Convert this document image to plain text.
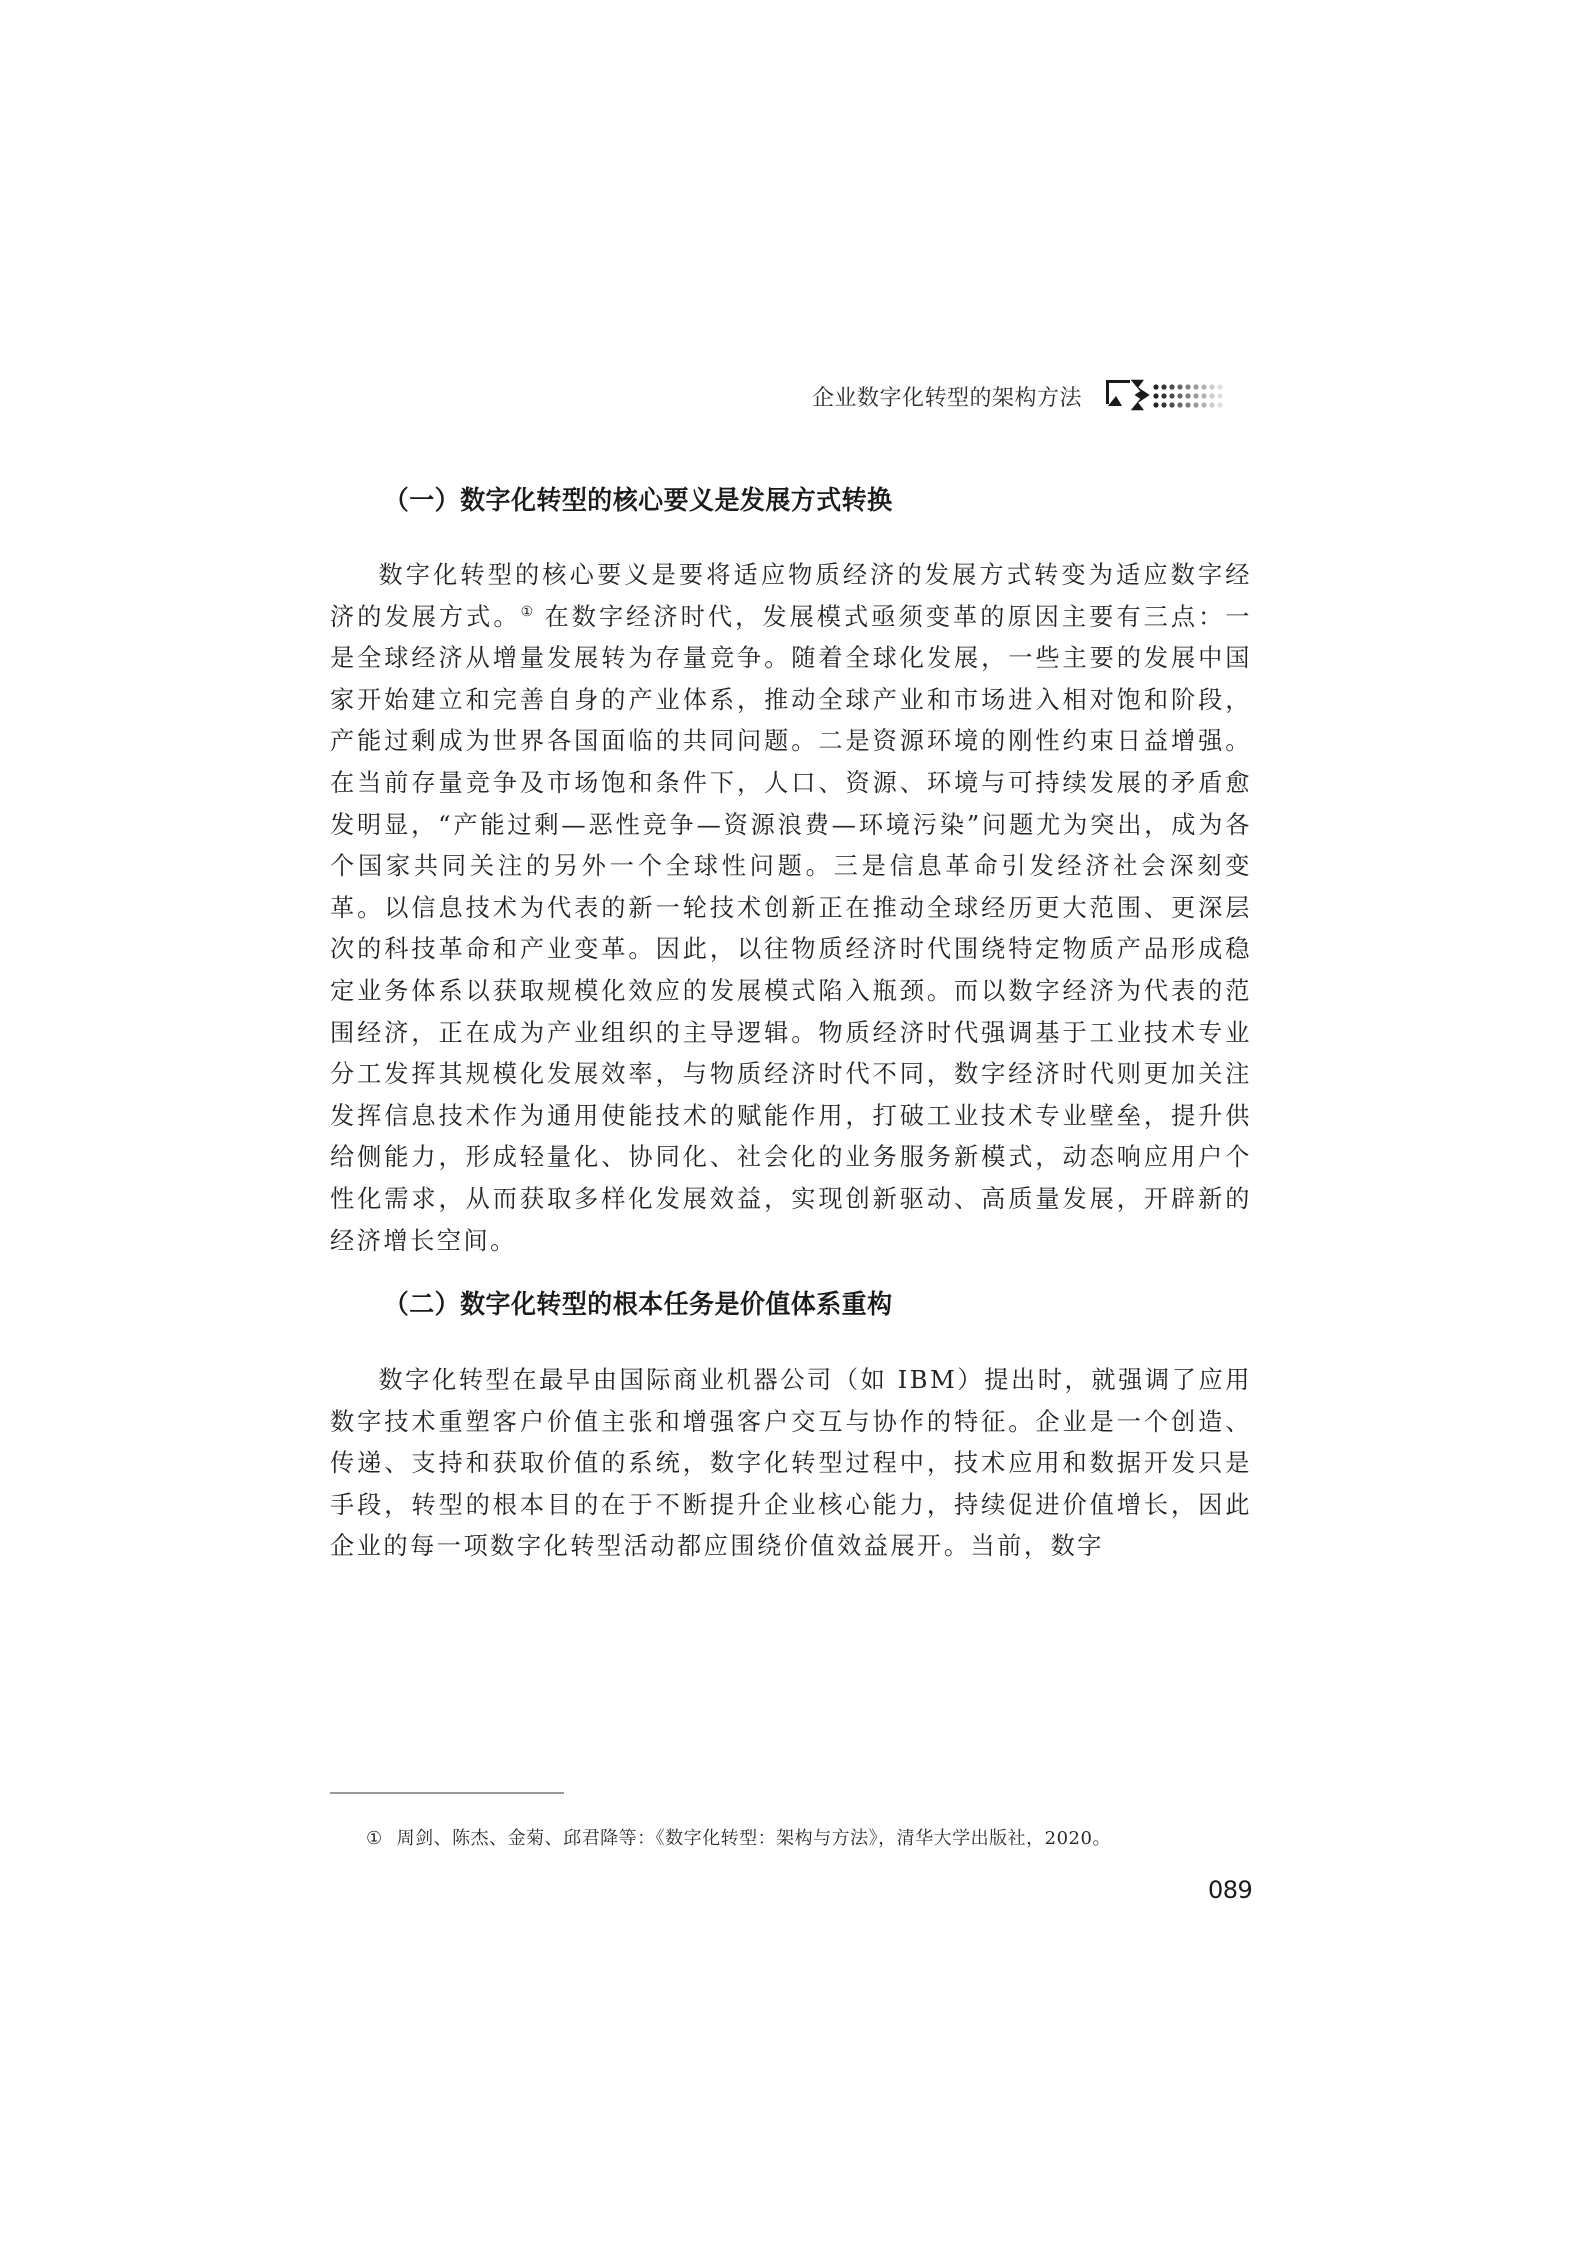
企业数字化转型的架构方法
（一）数字化转型的核心要义是发展方式转换

数字化转型的核心要义是要将适应物质经济的发展方式转变为适应数字经济的发展方式。① 在数字经济时代，发展模式亟须变革的原因主要有三点：一是全球经济从增量发展转为存量竞争。随着全球化发展，一些主要的发展中国家开始建立和完善自身的产业体系，推动全球产业和市场进入相对饱和阶段，产能过剩成为世界各国面临的共同问题。二是资源环境的刚性约束日益增强。在当前存量竞争及市场饱和条件下，人口、资源、环境与可持续发展的矛盾愈发明显，“产能过剩—恶性竞争—资源浪费—环境污染”问题尤为突出，成为各个国家共同关注的另外一个全球性问题。三是信息革命引发经济社会深刻变革。以信息技术为代表的新一轮技术创新正在推动全球经历更大范围、更深层次的科技革命和产业变革。因此，以往物质经济时代围绕特定物质产品形成稳定业务体系以获取规模化效应的发展模式陷入瓶颈。而以数字经济为代表的范围经济，正在成为产业组织的主导逻辑。物质经济时代强调基于工业技术专业分工发挥其规模化发展效率，与物质经济时代不同，数字经济时代则更加关注发挥信息技术作为通用使能技术的赋能作用，打破工业技术专业壁垒，提升供给侧能力，形成轻量化、协同化、社会化的业务服务新模式，动态响应用户个性化需求，从而获取多样化发展效益，实现创新驱动、高质量发展，开辟新的经济增长空间。

（二）数字化转型的根本任务是价值体系重构

数字化转型在最早由国际商业机器公司（如 IBM）提出时，就强调了应用数字技术重塑客户价值主张和增强客户交互与协作的特征。企业是一个创造、传递、支持和获取价值的系统，数字化转型过程中，技术应用和数据开发只是手段，转型的根本目的在于不断提升企业核心能力，持续促进价值增长，因此企业的每一项数字化转型活动都应围绕价值效益展开。当前，数字

① 周剑、陈杰、金菊、邱君降等：《数字化转型：架构与方法》，清华大学出版社，2020。
089
